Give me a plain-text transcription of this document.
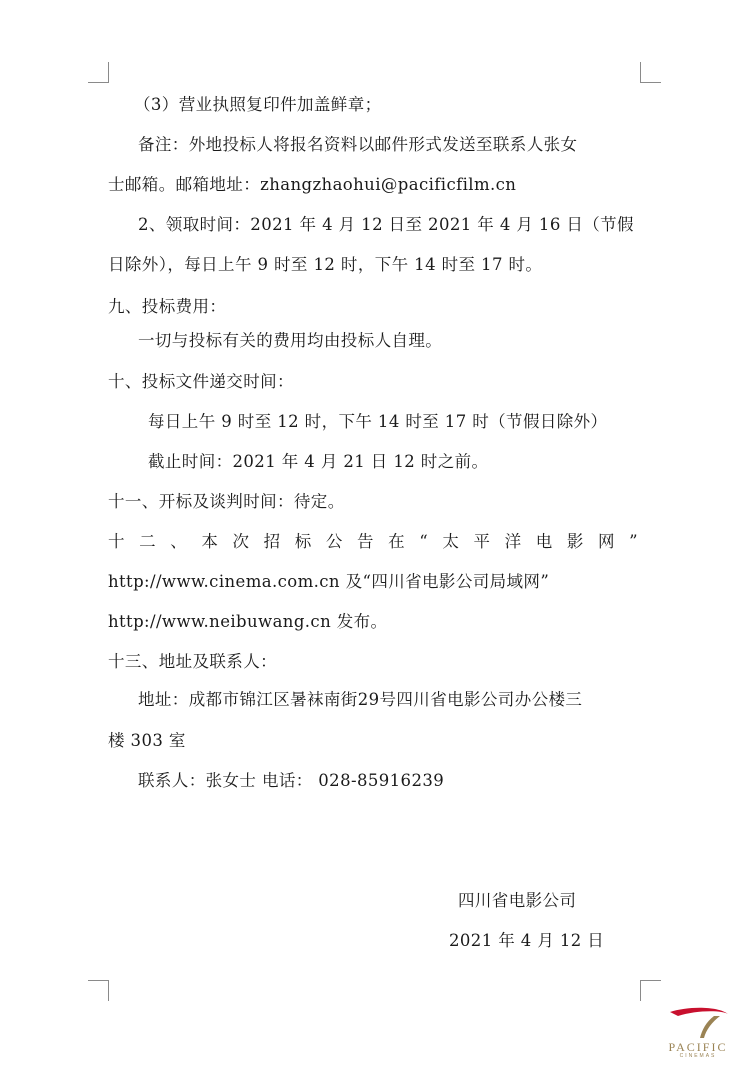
（3）营业执照复印件加盖鲜章；
备注：外地投标人将报名资料以邮件形式发送至联系人张女
士邮箱。邮箱地址：zhangzhaohui@pacificfilm.cn
2、领取时间：2021 年 4 月 12 日至 2021 年 4 月 16 日（节假
日除外），每日上午 9 时至 12 时，下午 14 时至 17 时。
九、投标费用：
一切与投标有关的费用均由投标人自理。
十、投标文件递交时间：
每日上午 9 时至 12 时，下午 14 时至 17 时（节假日除外）
截止时间：2021 年 4 月 21 日 12 时之前。
十一、开标及谈判时间：待定。
十二、本次招标公告在“太平洋电影网”
http://www.cinema.com.cn 及“四川省电影公司局域网”
http://www.neibuwang.cn 发布。
十三、地址及联系人：
地址：成都市锦江区暑袜南街29号四川省电影公司办公楼三
楼 303 室
联系人：张女士 电话： 028-85916239
四川省电影公司
2021 年 4 月 12 日
PACIFIC
CINEMAS
